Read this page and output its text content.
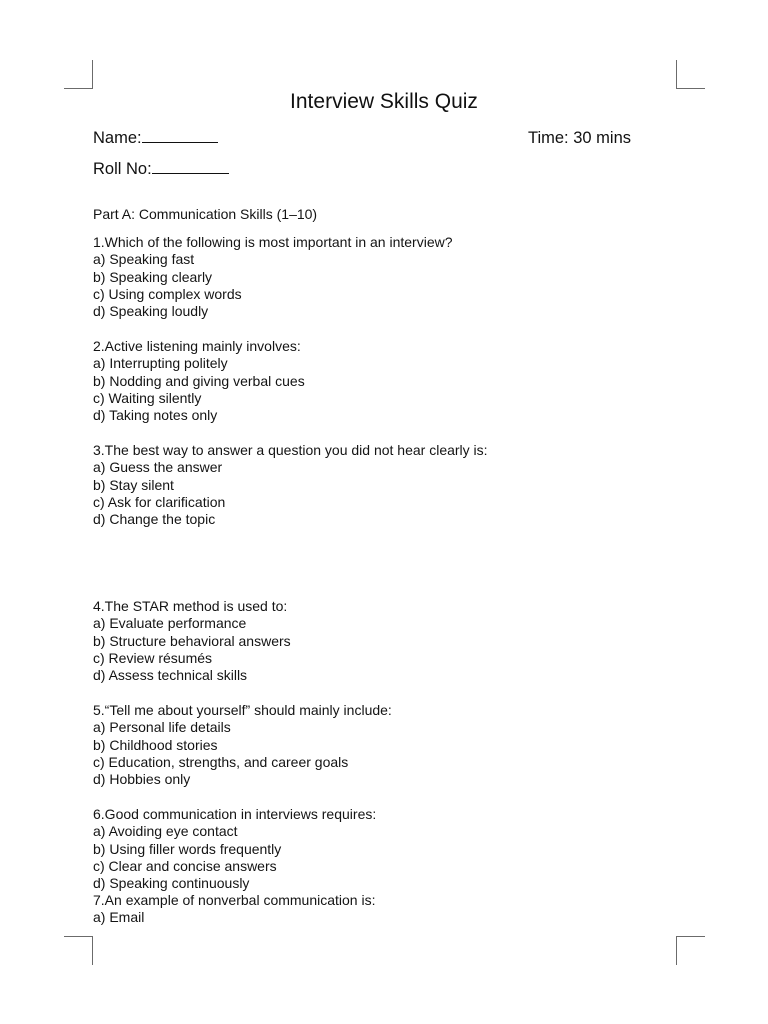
Interview Skills Quiz
Name:	Time: 30 mins
Roll No:
Part A: Communication Skills (1–10)
1.Which of the following is most important in an interview?
a) Speaking fast
b) Speaking clearly
c) Using complex words
d) Speaking loudly
2.Active listening mainly involves:
a) Interrupting politely
b) Nodding and giving verbal cues
c) Waiting silently
d) Taking notes only
3.The best way to answer a question you did not hear clearly is:
a) Guess the answer
b) Stay silent
c) Ask for clarification
d) Change the topic
4.The STAR method is used to:
a) Evaluate performance
b) Structure behavioral answers
c) Review résumés
d) Assess technical skills
5.“Tell me about yourself” should mainly include:
a) Personal life details
b) Childhood stories
c) Education, strengths, and career goals
d) Hobbies only
6.Good communication in interviews requires:
a) Avoiding eye contact
b) Using filler words frequently
c) Clear and concise answers
d) Speaking continuously
7.An example of nonverbal communication is:
a) Email
